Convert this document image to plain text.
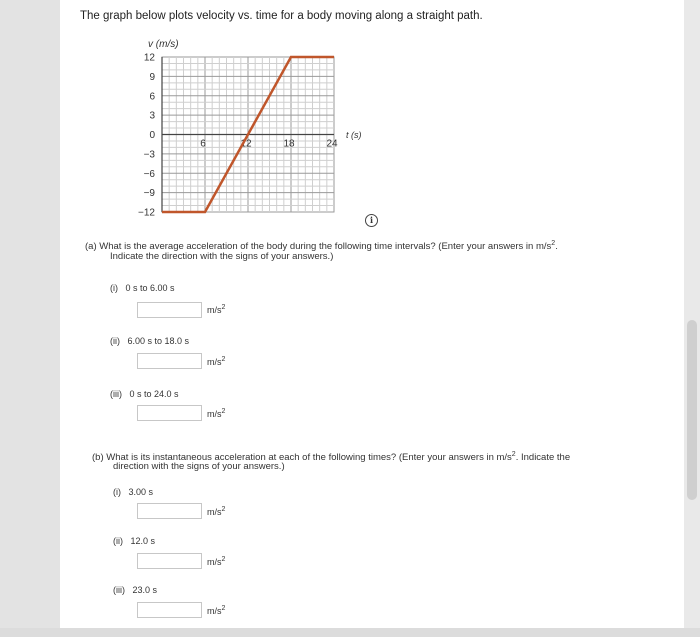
The graph below plots velocity vs. time for a body moving along a straight path.
v (m/s)
12
9
6
3
0
−3
−6
−9
−12
6	12	18	24
t (s)
i
(a) What is the average acceleration of the body during the following time intervals? (Enter your answers in $m/s^2$.
Indicate the direction with the signs of your answers.)
(i) 0 s to 6.00 s
$m/s^2$
(ii) 6.00 s to 18.0 s
$m/s^2$
(iii) 0 s to 24.0 s
$m/s^2$
(b) What is its instantaneous acceleration at each of the following times? (Enter your answers in $m/s^2$. Indicate the
direction with the signs of your answers.)
(i) 3.00 s
$m/s^2$
(ii) 12.0 s
$m/s^2$
(iii) 23.0 s
$m/s^2$
